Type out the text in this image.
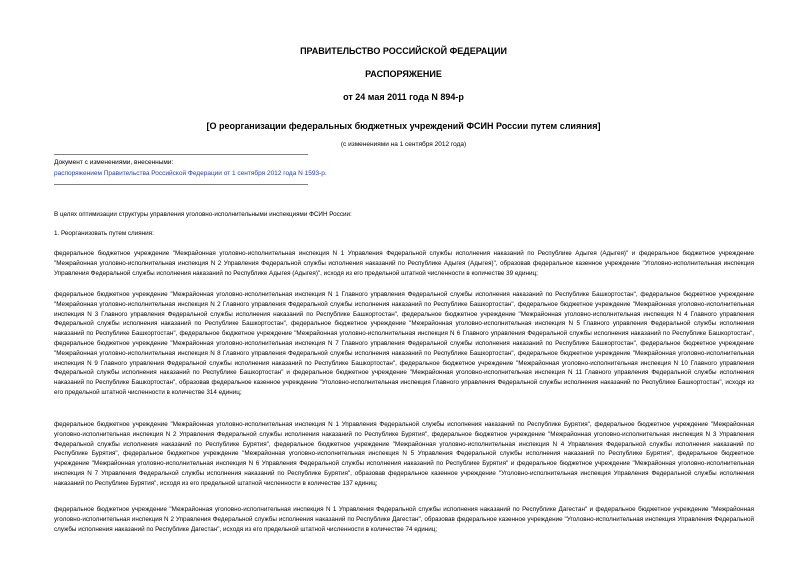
ПРАВИТЕЛЬСТВО РОССИЙСКОЙ ФЕДЕРАЦИИ
РАСПОРЯЖЕНИЕ
от 24 мая 2011 года N 894-р
[О реорганизации федеральных бюджетных учреждений ФСИН России путем слияния]
(с изменениями на 1 сентября 2012 года)
Документ с изменениями, внесенными:
распоряжением Правительства Российской Федерации от 1 сентября 2012 года N 1593-р.
В целях оптимизации структуры управления уголовно-исполнительными инспекциями ФСИН России:
1. Реорганизовать путем слияния:
федеральное бюджетное учреждение "Межрайонная уголовно-исполнительная инспекция N 1 Управления Федеральной службы исполнения наказаний по Республике Адыгея (Адыгея)" и федеральное бюджетное учреждение "Межрайонная уголовно-исполнительная инспекция N 2 Управления Федеральной службы исполнения наказаний по Республике Адыгея (Адыгея)", образовав федеральное казенное учреждение "Уголовно-исполнительная инспекция Управления Федеральной службы исполнения наказаний по Республике Адыгея (Адыгея)", исходя из его предельной штатной численности в количестве 39 единиц;
федеральное бюджетное учреждение "Межрайонная уголовно-исполнительная инспекция N 1 Главного управления Федеральной службы исполнения наказаний по Республике Башкортостан", федеральное бюджетное учреждение "Межрайонная уголовно-исполнительная инспекция N 2 Главного управления Федеральной службы исполнения наказаний по Республике Башкортостан", федеральное бюджетное учреждение "Межрайонная уголовно-исполнительная инспекция N 3 Главного управления Федеральной службы исполнения наказаний по Республике Башкортостан", федеральное бюджетное учреждение "Межрайонная уголовно-исполнительная инспекция N 4 Главного управления Федеральной службы исполнения наказаний по Республике Башкортостан", федеральное бюджетное учреждение "Межрайонная уголовно-исполнительная инспекция N 5 Главного управления Федеральной службы исполнения наказаний по Республике Башкортостан", федеральное бюджетное учреждение "Межрайонная уголовно-исполнительная инспекция N 6 Главного управления Федеральной службы исполнения наказаний по Республике Башкортостан", федеральное бюджетное учреждение "Межрайонная уголовно-исполнительная инспекция N 7 Главного управления Федеральной службы исполнения наказаний по Республике Башкортостан", федеральное бюджетное учреждение "Межрайонная уголовно-исполнительная инспекция N 8 Главного управления Федеральной службы исполнения наказаний по Республике Башкортостан", федеральное бюджетное учреждение "Межрайонная уголовно-исполнительная инспекция N 9 Главного управления Федеральной службы исполнения наказаний по Республике Башкортостан", федеральное бюджетное учреждение "Межрайонная уголовно-исполнительная инспекция N 10 Главного управления Федеральной службы исполнения наказаний по Республике Башкортостан" и федеральное бюджетное учреждение "Межрайонная уголовно-исполнительная инспекция N 11 Главного управления Федеральной службы исполнения наказаний по Республике Башкортостан", образовав федеральное казенное учреждение "Уголовно-исполнительная инспекция Главного управления Федеральной службы исполнения наказаний по Республике Башкортостан", исходя из его предельной штатной численности в количестве 314 единиц;
федеральное бюджетное учреждение "Межрайонная уголовно-исполнительная инспекция N 1 Управления Федеральной службы исполнения наказаний по Республике Бурятия", федеральное бюджетное учреждение "Межрайонная уголовно-исполнительная инспекция N 2 Управления Федеральной службы исполнения наказаний по Республике Бурятия", федеральное бюджетное учреждение "Межрайонная уголовно-исполнительная инспекция N 3 Управления Федеральной службы исполнения наказаний по Республике Бурятия", федеральное бюджетное учреждение "Межрайонная уголовно-исполнительная инспекция N 4 Управления Федеральной службы исполнения наказаний по Республике Бурятия", федеральное бюджетное учреждение "Межрайонная уголовно-исполнительная инспекция N 5 Управления Федеральной службы исполнения наказаний по Республике Бурятия", федеральное бюджетное учреждение "Межрайонная уголовно-исполнительная инспекция N 6 Управления Федеральной службы исполнения наказаний по Республике Бурятия" и федеральное бюджетное учреждение "Межрайонная уголовно-исполнительная инспекция N 7 Управления Федеральной службы исполнения наказаний по Республике Бурятия", образовав федеральное казенное учреждение "Уголовно-исполнительная инспекция Управления Федеральной службы исполнения наказаний по Республике Бурятия", исходя из его предельной штатной численности в количестве 137 единиц;
федеральное бюджетное учреждение "Межрайонная уголовно-исполнительная инспекция N 1 Управления Федеральной службы исполнения наказаний по Республике Дагестан" и федеральное бюджетное учреждение "Межрайонная уголовно-исполнительная инспекция N 2 Управления Федеральной службы исполнения наказаний по Республике Дагестан", образовав федеральное казенное учреждение "Уголовно-исполнительная инспекция Управления Федеральной службы исполнения наказаний по Республике Дагестан", исходя из его предельной штатной численности в количестве 74 единиц;
